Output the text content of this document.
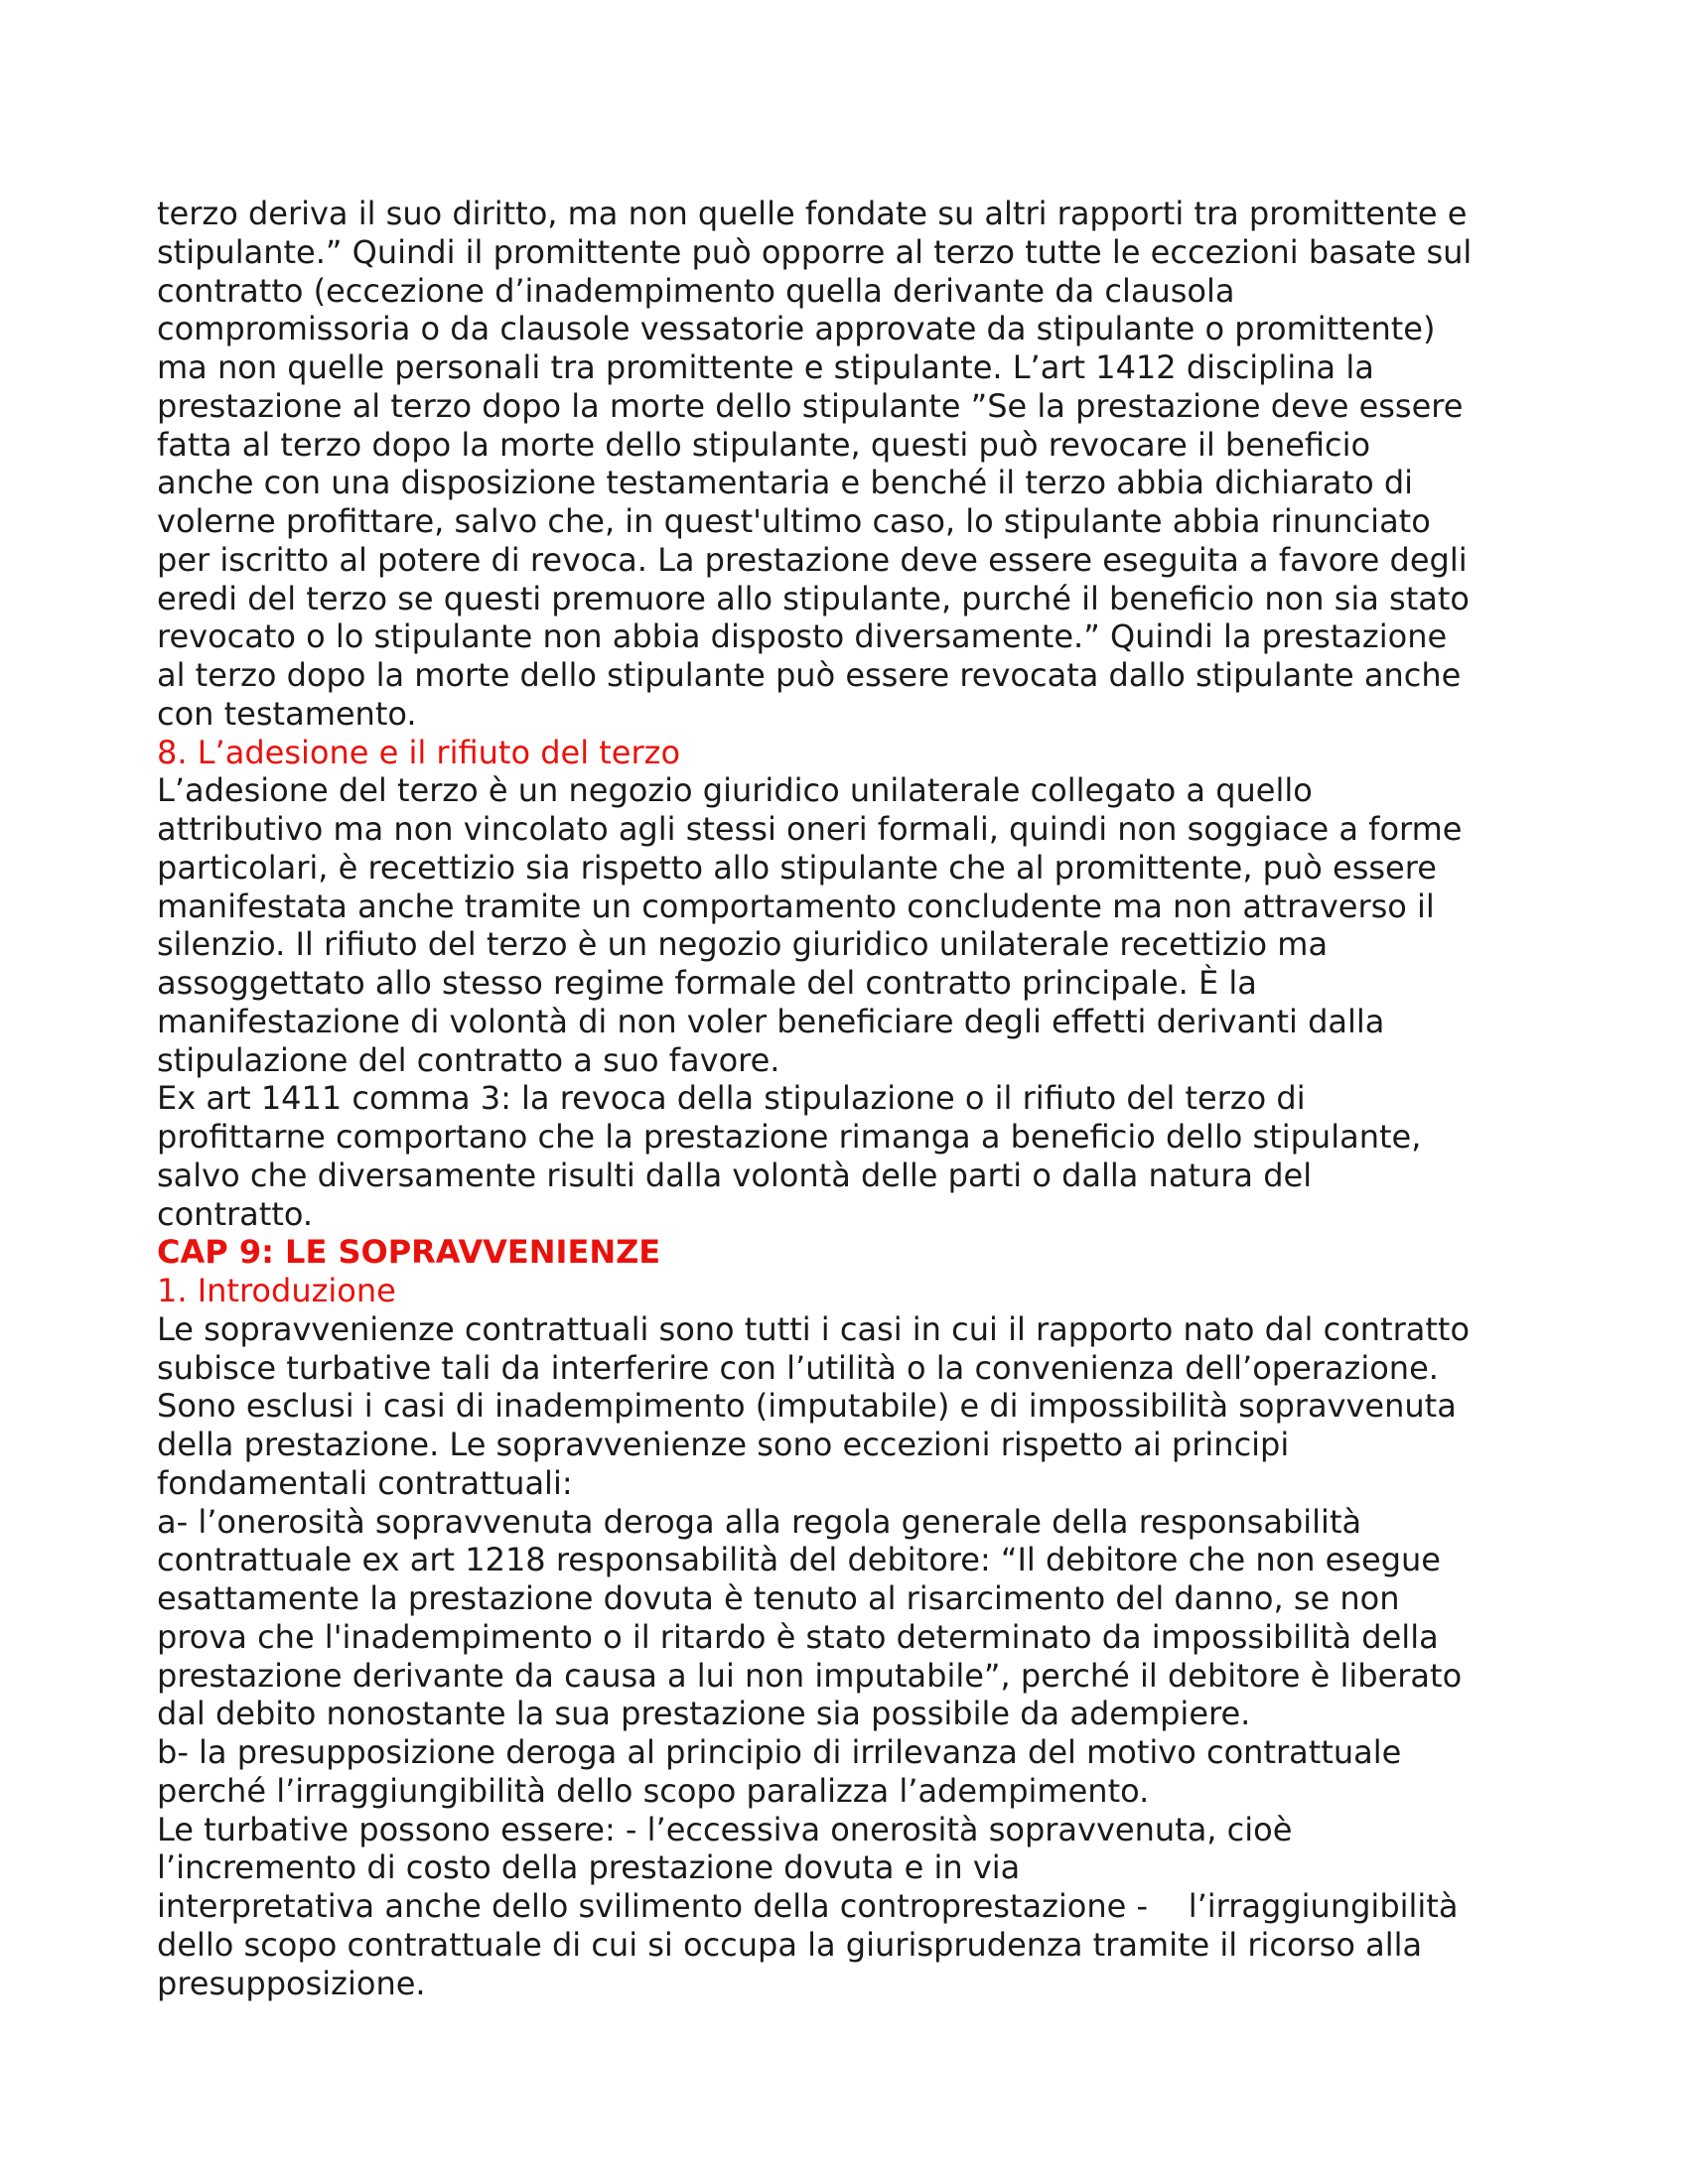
terzo deriva il suo diritto, ma non quelle fondate su altri rapporti tra promittente e
stipulante.” Quindi il promittente può opporre al terzo tutte le eccezioni basate sul
contratto (eccezione d’inadempimento quella derivante da clausola
compromissoria o da clausole vessatorie approvate da stipulante o promittente)
ma non quelle personali tra promittente e stipulante. L’art 1412 disciplina la
prestazione al terzo dopo la morte dello stipulante ”Se la prestazione deve essere
fatta al terzo dopo la morte dello stipulante, questi può revocare il beneficio
anche con una disposizione testamentaria e benché il terzo abbia dichiarato di
volerne profittare, salvo che, in quest'ultimo caso, lo stipulante abbia rinunciato
per iscritto al potere di revoca. La prestazione deve essere eseguita a favore degli
eredi del terzo se questi premuore allo stipulante, purché il beneficio non sia stato
revocato o lo stipulante non abbia disposto diversamente.” Quindi la prestazione
al terzo dopo la morte dello stipulante può essere revocata dallo stipulante anche
con testamento.
8. L’adesione e il rifiuto del terzo
L’adesione del terzo è un negozio giuridico unilaterale collegato a quello
attributivo ma non vincolato agli stessi oneri formali, quindi non soggiace a forme
particolari, è recettizio sia rispetto allo stipulante che al promittente, può essere
manifestata anche tramite un comportamento concludente ma non attraverso il
silenzio. Il rifiuto del terzo è un negozio giuridico unilaterale recettizio ma
assoggettato allo stesso regime formale del contratto principale. È la
manifestazione di volontà di non voler beneficiare degli effetti derivanti dalla
stipulazione del contratto a suo favore.
Ex art 1411 comma 3: la revoca della stipulazione o il rifiuto del terzo di
profittarne comportano che la prestazione rimanga a beneficio dello stipulante,
salvo che diversamente risulti dalla volontà delle parti o dalla natura del
contratto.
CAP 9: LE SOPRAVVENIENZE
1. Introduzione
Le sopravvenienze contrattuali sono tutti i casi in cui il rapporto nato dal contratto
subisce turbative tali da interferire con l’utilità o la convenienza dell’operazione.
Sono esclusi i casi di inadempimento (imputabile) e di impossibilità sopravvenuta
della prestazione. Le sopravvenienze sono eccezioni rispetto ai principi
fondamentali contrattuali:
a- l’onerosità sopravvenuta deroga alla regola generale della responsabilità
contrattuale ex art 1218 responsabilità del debitore: “Il debitore che non esegue
esattamente la prestazione dovuta è tenuto al risarcimento del danno, se non
prova che l'inadempimento o il ritardo è stato determinato da impossibilità della
prestazione derivante da causa a lui non imputabile”, perché il debitore è liberato
dal debito nonostante la sua prestazione sia possibile da adempiere.
b- la presupposizione deroga al principio di irrilevanza del motivo contrattuale
perché l’irraggiungibilità dello scopo paralizza l’adempimento.
Le turbative possono essere: - l’eccessiva onerosità sopravvenuta, cioè
l’incremento di costo della prestazione dovuta e in via
interpretativa anche dello svilimento della controprestazione -    l’irraggiungibilità
dello scopo contrattuale di cui si occupa la giurisprudenza tramite il ricorso alla
presupposizione.
